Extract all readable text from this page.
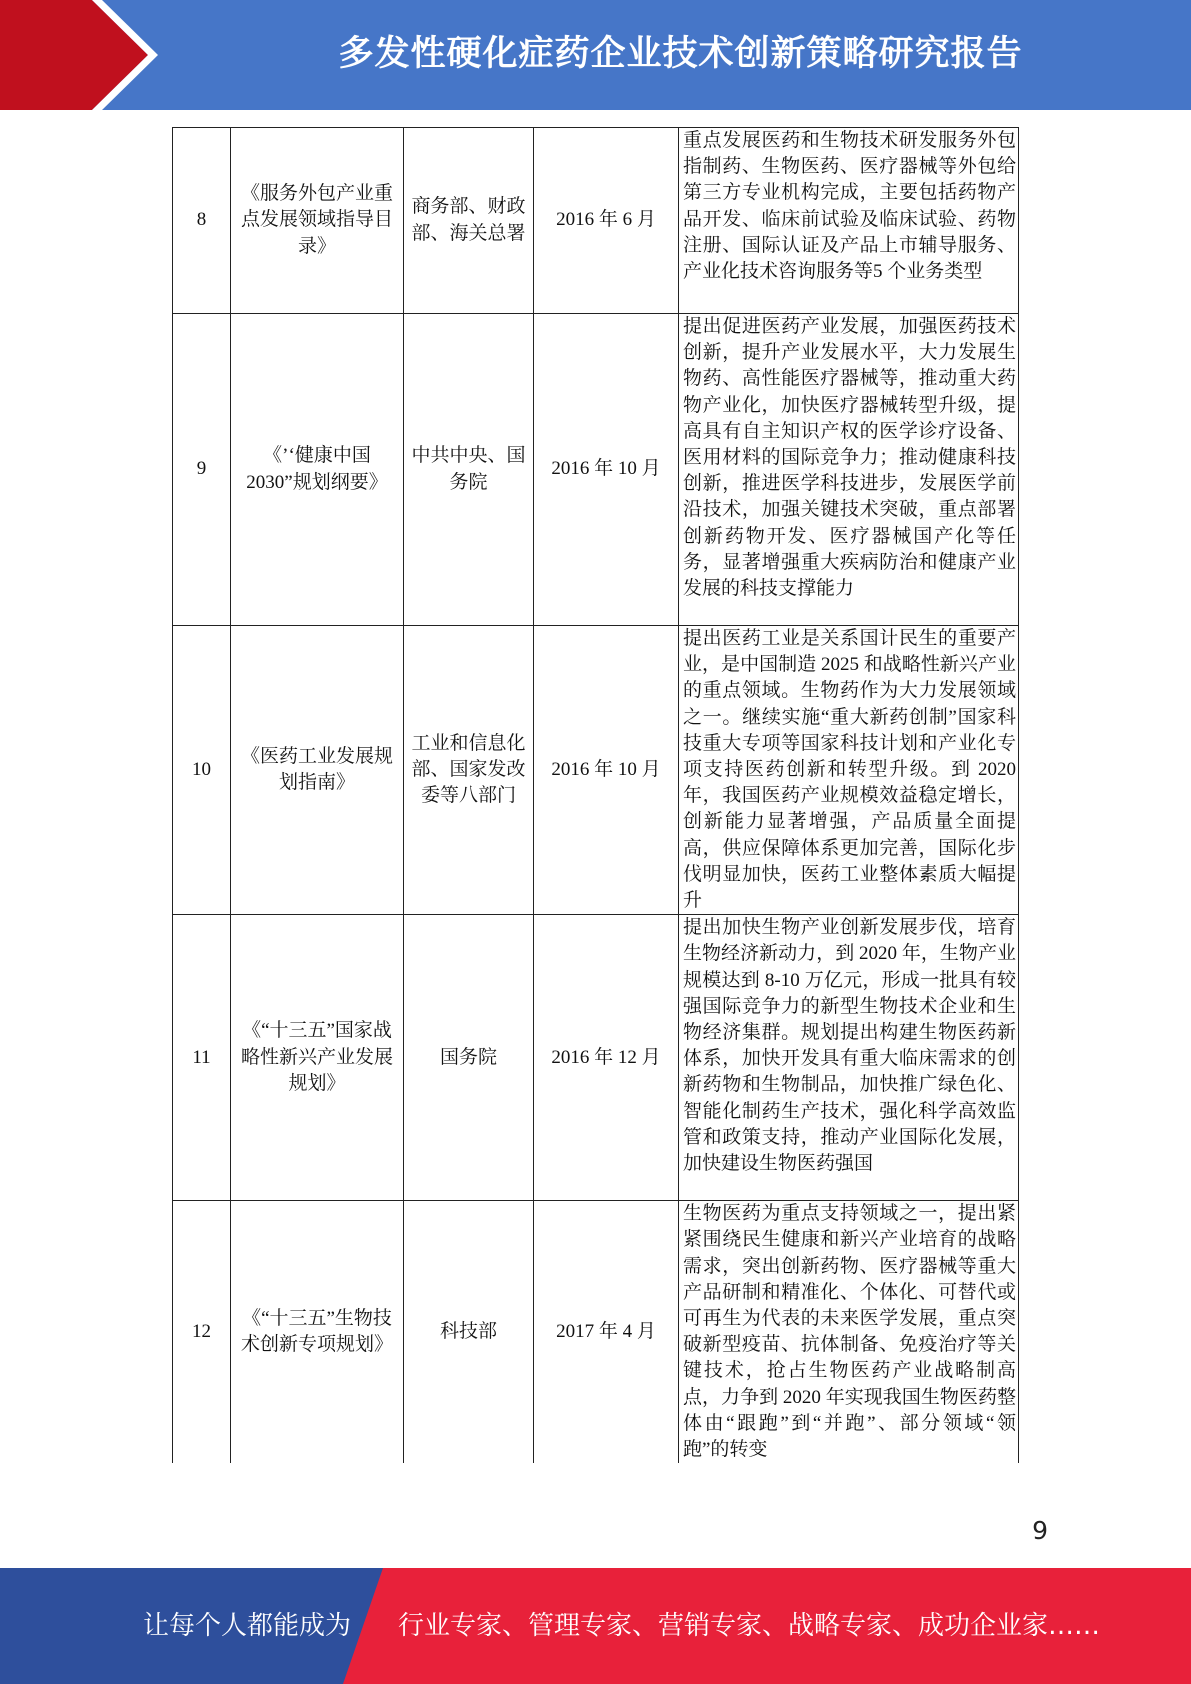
多发性硬化症药企业技术创新策略研究报告
8	《服务外包产业重点发展领域指导目录》	商务部、财政部、海关总署	2016 年 6 月	重点发展医药和生物技术研发服务外包指制药、生物医药、医疗器械等外包给第三方专业机构完成，主要包括药物产品开发、临床前试验及临床试验、药物注册、国际认证及产品上市辅导服务、产业化技术咨询服务等5 个业务类型
9	《’‘健康中国 2030”规划纲要》	中共中央、国务院	2016 年 10 月	提出促进医药产业发展，加强医药技术创新，提升产业发展水平，大力发展生物药、高性能医疗器械等，推动重大药物产业化，加快医疗器械转型升级，提高具有自主知识产权的医学诊疗设备、医用材料的国际竞争力；推动健康科技创新，推进医学科技进步，发展医学前沿技术，加强关键技术突破，重点部署创新药物开发、医疗器械国产化等任务，显著增强重大疾病防治和健康产业发展的科技支撑能力
10	《医药工业发展规划指南》	工业和信息化部、国家发改委等八部门	2016 年 10 月	提出医药工业是关系国计民生的重要产业，是中国制造 2025 和战略性新兴产业的重点领域。生物药作为大力发展领域之一。继续实施“重大新药创制”国家科技重大专项等国家科技计划和产业化专项支持医药创新和转型升级。到 2020 年，我国医药产业规模效益稳定增长，创新能力显著增强，产品质量全面提高，供应保障体系更加完善，国际化步伐明显加快，医药工业整体素质大幅提升
11	《“十三五”国家战略性新兴产业发展规划》	国务院	2016 年 12 月	提出加快生物产业创新发展步伐，培育生物经济新动力，到 2020 年，生物产业规模达到 8-10 万亿元，形成一批具有较强国际竞争力的新型生物技术企业和生物经济集群。规划提出构建生物医药新体系，加快开发具有重大临床需求的创新药物和生物制品，加快推广绿色化、智能化制药生产技术，强化科学高效监管和政策支持，推动产业国际化发展，加快建设生物医药强国
12	《“十三五”生物技术创新专项规划》	科技部	2017 年 4 月	生物医药为重点支持领域之一，提出紧紧围绕民生健康和新兴产业培育的战略需求，突出创新药物、医疗器械等重大产品研制和精准化、个体化、可替代或可再生为代表的未来医学发展，重点突破新型疫苗、抗体制备、免疫治疗等关键技术，抢占生物医药产业战略制高点，力争到 2020 年实现我国生物医药整体由“跟跑”到“并跑”、部分领域“领跑”的转变
9
让每个人都能成为 行业专家、管理专家、营销专家、战略专家、成功企业家……
